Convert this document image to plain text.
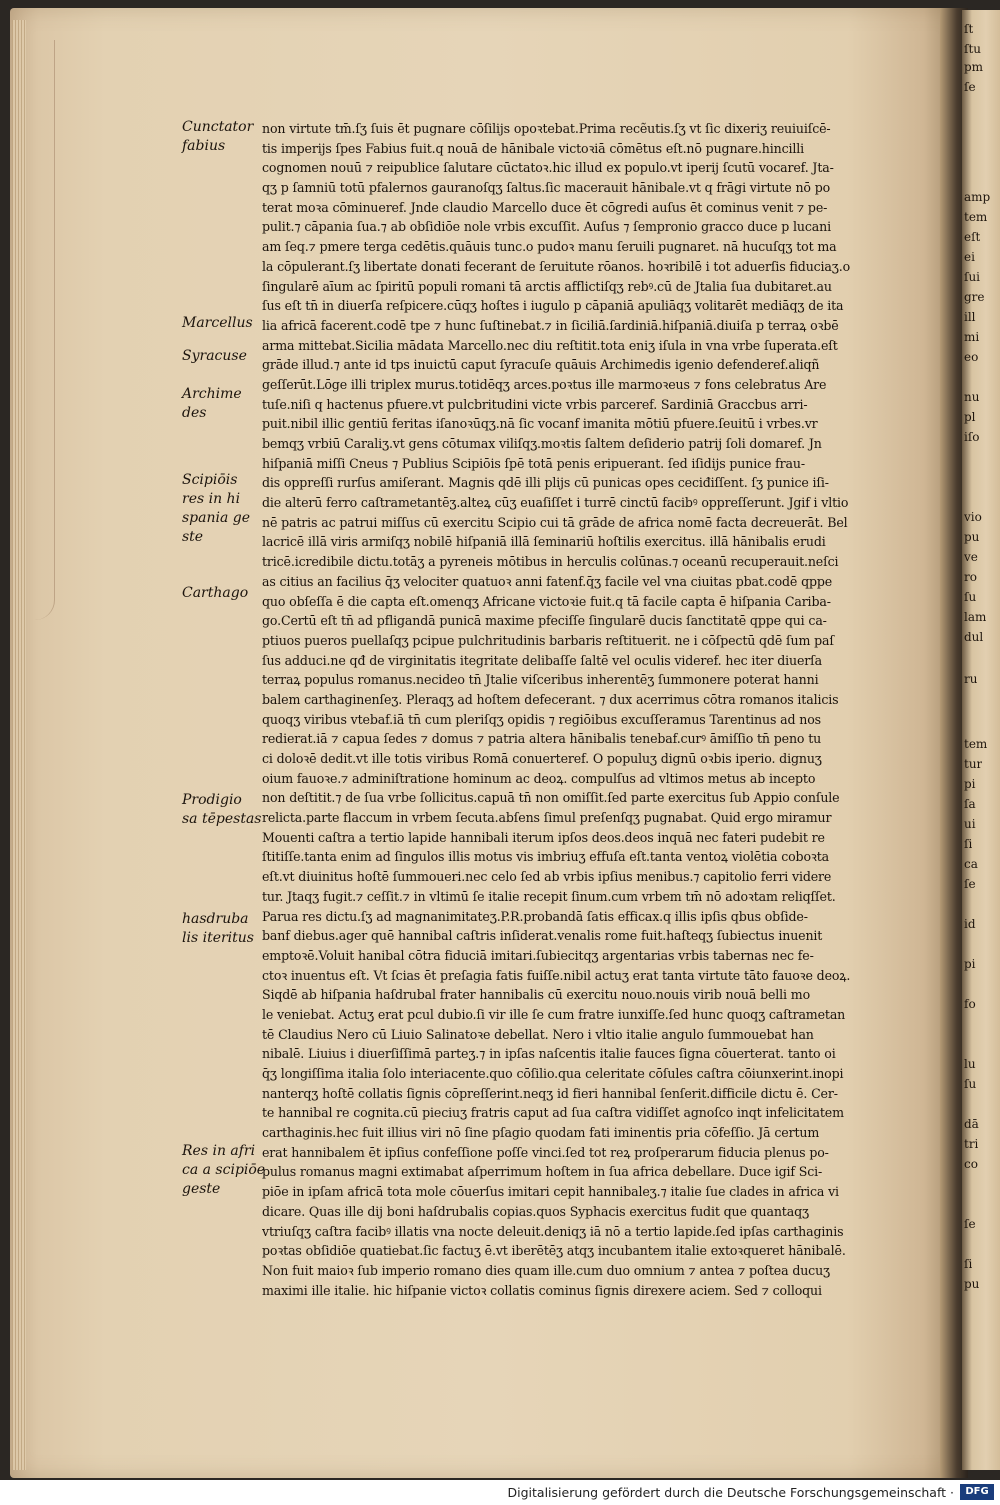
ſt
ſtu
pm
ſe
amp
tem
eſt
ei
ſui
gre
ill
mi
eo
nu
pl
iſo
vio
pu
ve
ro
ſu
lam
dul
ru
tem
tur
pi
ſa
ui
ſi
ca
ſe
id
pi
fo
lu
ſu
dā
tri
co
ſe
ſi
pu
Cunctator
fabius
Marcellus
Syracuse
Archime
des
Scipiōis
res in hi
spania ge
ste
Carthago
Prodigio
sa tēpestas
hasdruba
lis iteritus
Res in afri
ca a scipiōe
geste
non virtute tm̄.ſʒ ſuis ēt pugnare cōſilijs opoꝛtebat.Prima recẽutis.ſʒ vt ſic dixeriʒ reuiuiſcē-
tis imperijs ſpes Fabius fuit.q nouā de hānibale victoꝛiā cōmētus eſt.nō pugnare.hincilli
cognomen nouū ⁊ reipublice ſalutare cūctatoꝛ.hic illud ex populo.vt iperij ſcutū vocaref. Jta-
qʒ p ſamniū totū pfalernos gauranoſqʒ ſaltus.ſic macerauit hānibale.vt q frāgi virtute nō po
terat moꝛa cōminueref. Jnde claudio Marcello duce ēt cōgredi auſus ēt cominus venit ⁊ pe-
pulit.⁊ cāpania ſua.⁊ ab obſidiōe nole vrbis excuſſit. Auſus ⁊ ſempronio gracco duce p lucani
am ſeq.⁊ pmere terga cedētis.quāuis tunc.o pudoꝛ manu ſeruili pugnaret. nā hucuſqʒ tot ma
la cōpulerant.ſʒ libertate donati fecerant de ſeruitute rōanos. hoꝛribilē i tot aduerſis fiduciaʒ.o
ſingularē aīum ac ſpiritū populi romani tā arctis afflictiſqʒ rebꝰ.cū de Jtalia ſua dubitaret.au
ſus eſt tn̄ in diuerſa reſpicere.cūqʒ hoſtes i iugulo p cāpaniā apuliāqʒ volitarēt mediāqʒ de ita
lia africā facerent.codē tpe ⁊ hunc ſuſtinebat.⁊ in ſiciliā.ſardiniā.hiſpaniā.diuiſa p terraꝝ oꝛbē
arma mittebat.Sicilia mādata Marcello.nec diu reſtitit.tota eniʒ iſula in vna vrbe ſuperata.eſt
grāde illud.⁊ ante id tps inuictū caput ſyracuſe quāuis Archimedis igenio defenderef.aliqñ
geſſerūt.Lōge illi triplex murus.totidēqʒ arces.poꝛtus ille marmoꝛeus ⁊ fons celebratus Are
tuſe.niſi q hactenus pfuere.vt pulcbritudini victe vrbis parceref. Sardiniā Graccbus arri-
puit.nibil illic gentiū feritas iſanoꝛūqʒ.nā ſic vocanf imanita mōtiū pfuere.ſeuitū i vrbes.vr
bemqʒ vrbiū Caraliʒ.vt gens cōtumax viliſqʒ.moꝛtis ſaltem deſiderio patrij ſoli domaref. Jn
hiſpaniā miſſi Cneus ⁊ Publius Scipiōis ſpē totā penis eripuerant. ſed iſidijs punice frau-
dis oppreſſi rurſus amiſerant. Magnis qdē illi plijs cū punicas opes ceciđiſſent. ſʒ punice iſi-
die alterū ferro caſtrametantēʒ.alteꝝ cūʒ euaſiſſet i turrē cinctū facibꝰ oppreſſerunt. Jgif i vltio
nē patris ac patrui miſſus cū exercitu Scipio cui tā grāde de africa nomē facta decreuerāt. Bel
lacricē illā viris armiſqʒ nobilē hiſpaniā illā ſeminariū hoſtilis exercitus. illā hānibalis erudi
tricē.icredibile dictu.totāʒ a pyreneis mōtibus in herculis colūnas.⁊ oceanū recuperauit.neſci
as citius an facilius q̄ʒ velociter quatuoꝛ anni fatenf.q̄ʒ facile vel vna ciuitas pbat.codē qppe
quo obſeſſa ē die capta eſt.omenqʒ Africane victoꝛie fuit.q tā facile capta ē hiſpania Cariba-
go.Certū eſt tn̄ ad pfligandā punicā maxime pfeciſſe ſingularē ducis ſanctitatē qppe qui ca-
ptiuos pueros puellaſqʒ pcipue pulchritudinis barbaris reſtituerit. ne i cōſpectū qdē ſum paſ
ſus adduci.ne qđ de virginitatis itegritate delibaſſe ſaltē vel oculis videref. hec iter diuerſa
terraꝝ populus romanus.necideo tn̄ Jtalie viſceribus inherentēʒ ſummonere poterat hanni
balem carthaginenſeʒ. Pleraqʒ ad hoſtem defecerant. ⁊ dux acerrimus cōtra romanos italicis
quoqʒ viribus vtebaf.iā tn̄ cum pleriſqʒ opidis ⁊ regiōibus excuſſeramus Tarentinus ad nos
redierat.iā ⁊ capua ſedes ⁊ domus ⁊ patria altera hānibalis tenebaf.curꝰ āmiſſio tn̄ peno tu
ci doloꝛē dedit.vt ille totis viribus Romā conuerteref. O populuʒ dignū oꝛbis iperio. dignuʒ
oium fauoꝛe.⁊ adminiſtratione hominum ac deoꝝ. compulſus ad vltimos metus ab incepto
non deſtitit.⁊ de ſua vrbe ſollicitus.capuā tn̄ non omiſſit.ſed parte exercitus ſub Appio conſule
relicta.parte flaccum in vrbem ſecuta.abſens ſimul preſenſqʒ pugnabat. Quid ergo miramur
Mouenti caſtra a tertio lapide hannibali iterum ipſos deos.deos inquā nec fateri pudebit re
ſtitiſſe.tanta enim ad ſingulos illis motus vis imbriuʒ effuſa eſt.tanta ventoꝝ violētia coboꝛta
eſt.vt diuinitus hoſtē ſummoueri.nec celo ſed ab vrbis ipſius menibus.⁊ capitolio ferri videre
tur. Jtaqʒ fugit.⁊ ceſſit.⁊ in vltimū ſe italie recepit ſinum.cum vrbem tm̄ nō adoꝛtam reliqſſet.
Parua res dictu.ſʒ ad magnanimitateʒ.P.R.probandā ſatis efficax.q illis ipſis qbus obſide-
banf diebus.ager quē hannibal caſtris inſiderat.venalis rome fuit.haſteqʒ ſubiectus inuenit
emptoꝛē.Voluit hanibal cōtra fiduciā imitari.ſubiecitqʒ argentarias vrbis tabernas nec fe-
ctoꝛ inuentus eſt. Vt ſcias ēt preſagia fatis fuiſſe.nibil actuʒ erat tanta virtute tāto fauoꝛe deoꝝ.
Siqdē ab hiſpania haſdrubal frater hannibalis cū exercitu nouo.nouis virib nouā belli mo
le veniebat. Actuʒ erat pcul dubio.ſi vir ille ſe cum fratre iunxiſſe.ſed hunc quoqʒ caſtrametan
tē Claudius Nero cū Liuio Salinatoꝛe debellat. Nero i vltio italie angulo ſummouebat han
nibalē. Liuius i diuerſiſſimā parteʒ.⁊ in ipſas naſcentis italie fauces ſigna cōuerterat. tanto oi
q̄ʒ longiſſima italia ſolo interiacente.quo cōſilio.qua celeritate cōſules caſtra cōiunxerint.inopi
nanterqʒ hoſtē collatis ſignis cōpreſſerint.neqʒ id fieri hannibal ſenſerit.difficile dictu ē. Cer-
te hannibal re cognita.cū pieciuʒ fratris caput ad ſua caſtra vidiſſet agnoſco inqt infelicitatem
carthaginis.hec fuit illius viri nō ſine pſagio quodam fati iminentis pria cōfeſſio. Jā certum
erat hannibalem ēt ipſius confeſſione poſſe vinci.ſed tot reꝝ proſperarum fiducia plenus po-
pulus romanus magni extimabat aſperrimum hoſtem in ſua africa debellare. Duce igif Sci-
piōe in ipſam africā tota mole cōuerſus imitari cepit hannibaleʒ.⁊ italie ſue clades in africa vi
dicare. Quas ille dij boni haſdrubalis copias.quos Syphacis exercitus fudit que quantaqʒ
vtriuſqʒ caſtra facibꝰ illatis vna nocte deleuit.deniqʒ iā nō a tertio lapide.ſed ipſas carthaginis
poꝛtas obſidiōe quatiebat.ſic factuʒ ē.vt iberētēʒ atqʒ incubantem italie extoꝛqueret hānibalē.
Non fuit maioꝛ ſub imperio romano dies quam ille.cum duo omnium ⁊ antea ⁊ poſtea ducuʒ
maximi ille italie. hic hiſpanie victoꝛ collatis cominus ſignis direxere aciem. Sed ⁊ colloqui
Digitalisierung gefördert durch die Deutsche Forschungsgemeinschaft ·	DFG
